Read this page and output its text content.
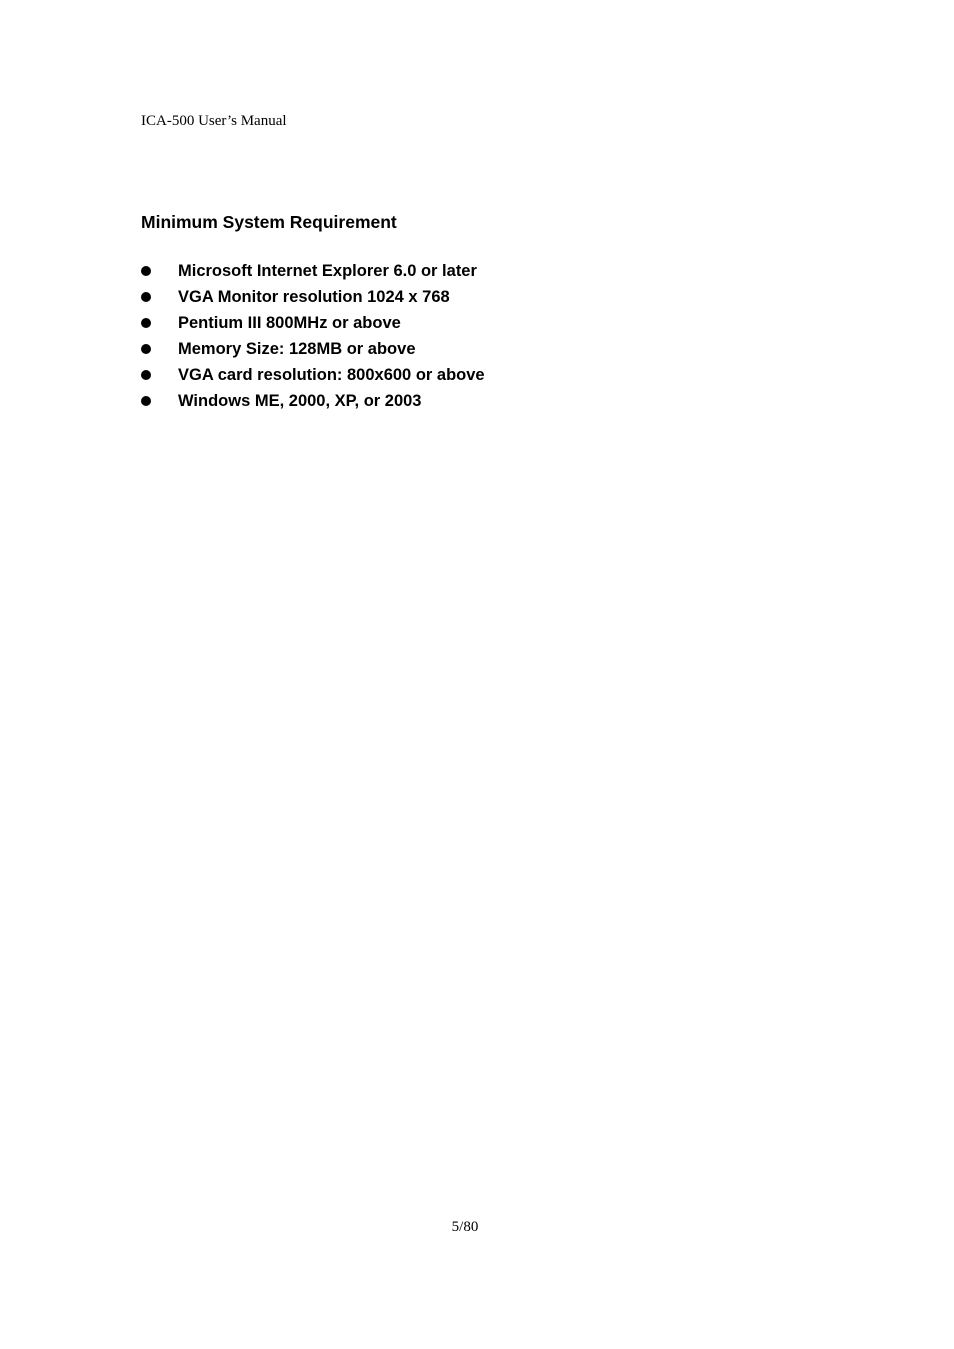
ICA-500 User’s Manual
Minimum System Requirement
Microsoft Internet Explorer 6.0 or later
VGA Monitor resolution 1024 x 768
Pentium III 800MHz or above
Memory Size: 128MB or above
VGA card resolution: 800x600 or above
Windows ME, 2000, XP, or 2003
5/80
